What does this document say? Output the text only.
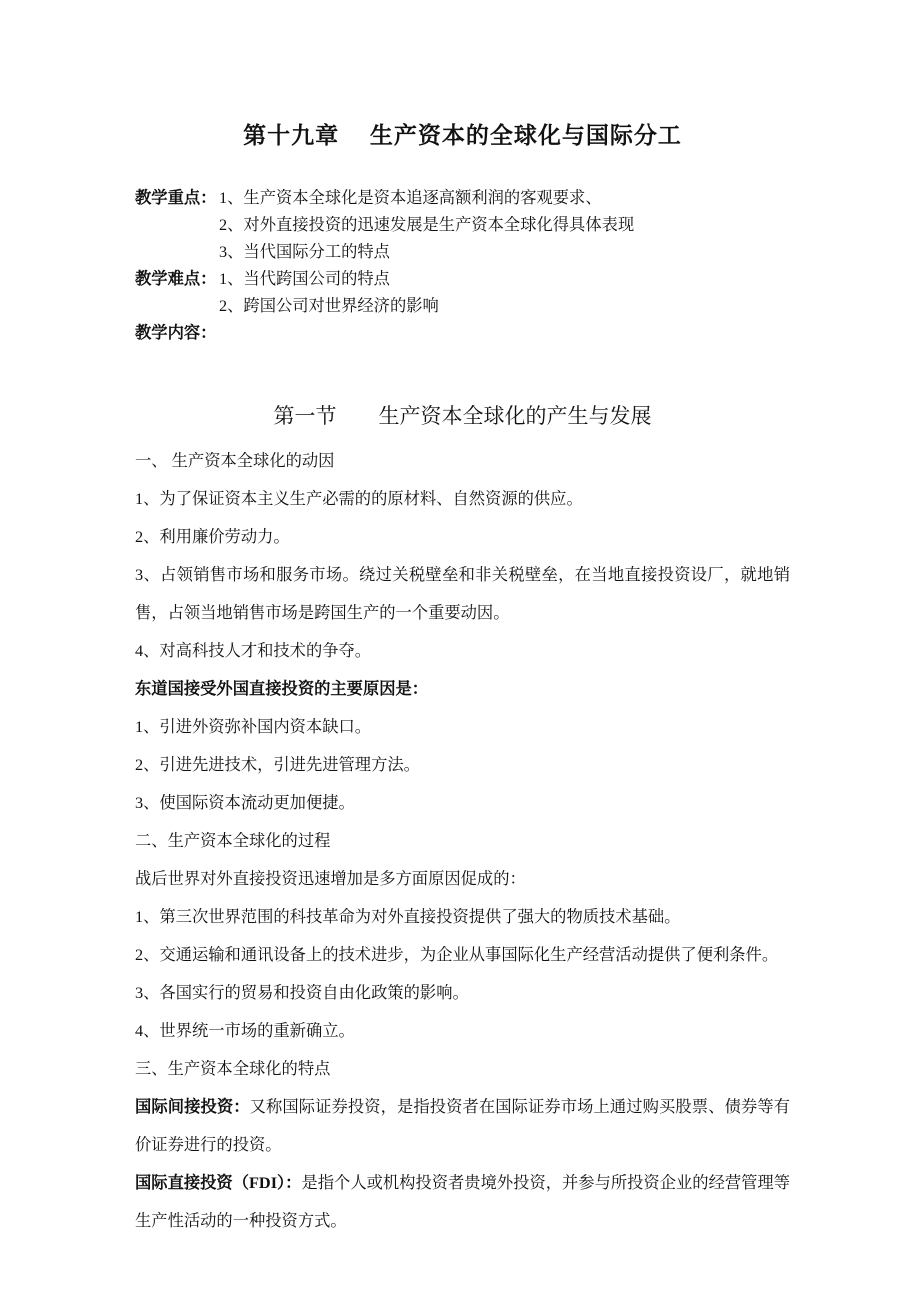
第十九章　 生产资本的全球化与国际分工
教学重点： 1、生产资本全球化是资本追逐高额利润的客观要求、
2、对外直接投资的迅速发展是生产资本全球化得具体表现
3、当代国际分工的特点
教学难点： 1、当代跨国公司的特点
2、跨国公司对世界经济的影响
教学内容：
第一节　　生产资本全球化的产生与发展

一、 生产资本全球化的动因

1、为了保证资本主义生产必需的的原材料、自然资源的供应。

2、利用廉价劳动力。

3、占领销售市场和服务市场。绕过关税壁垒和非关税壁垒，在当地直接投资设厂，就地销售，占领当地销售市场是跨国生产的一个重要动因。

4、对高科技人才和技术的争夺。

东道国接受外国直接投资的主要原因是：

1、引进外资弥补国内资本缺口。

2、引进先进技术，引进先进管理方法。

3、使国际资本流动更加便捷。

二、生产资本全球化的过程

战后世界对外直接投资迅速增加是多方面原因促成的：

1、第三次世界范围的科技革命为对外直接投资提供了强大的物质技术基础。

2、交通运输和通讯设备上的技术进步，为企业从事国际化生产经营活动提供了便利条件。

3、各国实行的贸易和投资自由化政策的影响。

4、世界统一市场的重新确立。

三、生产资本全球化的特点

国际间接投资：又称国际证券投资，是指投资者在国际证券市场上通过购买股票、债券等有价证券进行的投资。

国际直接投资（FDI）：是指个人或机构投资者贵境外投资，并参与所投资企业的经营管理等生产性活动的一种投资方式。
